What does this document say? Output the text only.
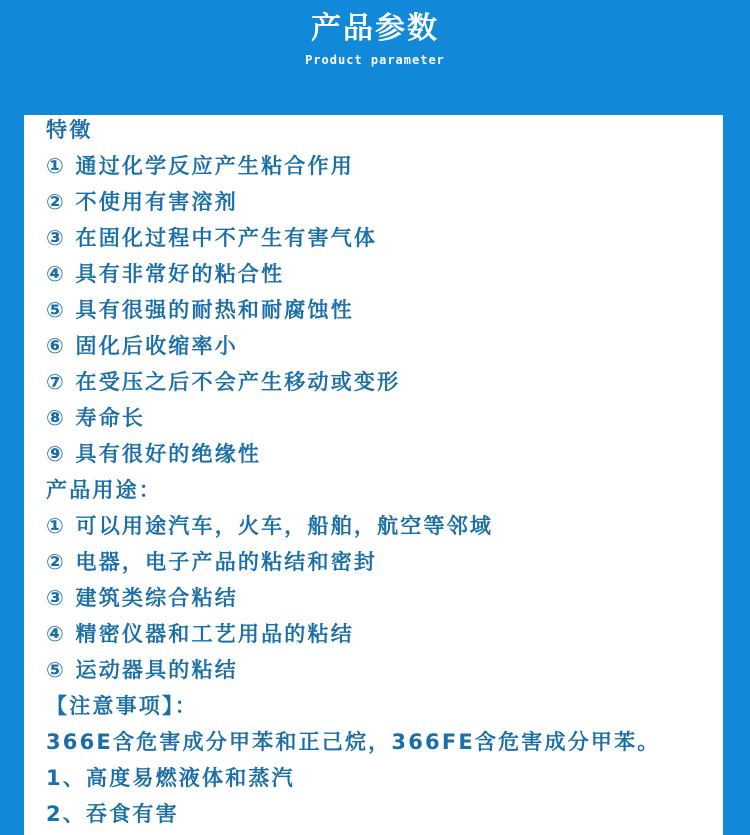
产品参数
Product parameter
特徵
① 通过化学反应产生粘合作用
② 不使用有害溶剂
③ 在固化过程中不产生有害气体
④ 具有非常好的粘合性
⑤ 具有很强的耐热和耐腐蚀性
⑥ 固化后收缩率小
⑦ 在受压之后不会产生移动或变形
⑧ 寿命长
⑨ 具有很好的绝缘性
产品用途：
① 可以用途汽车，火车，船舶，航空等邻域
② 电器，电子产品的粘结和密封
③ 建筑类综合粘结
④ 精密仪器和工艺用品的粘结
⑤ 运动器具的粘结
【注意事项】：
366E含危害成分甲苯和正己烷，366FE含危害成分甲苯。
1、高度易燃液体和蒸汽
2、吞食有害
